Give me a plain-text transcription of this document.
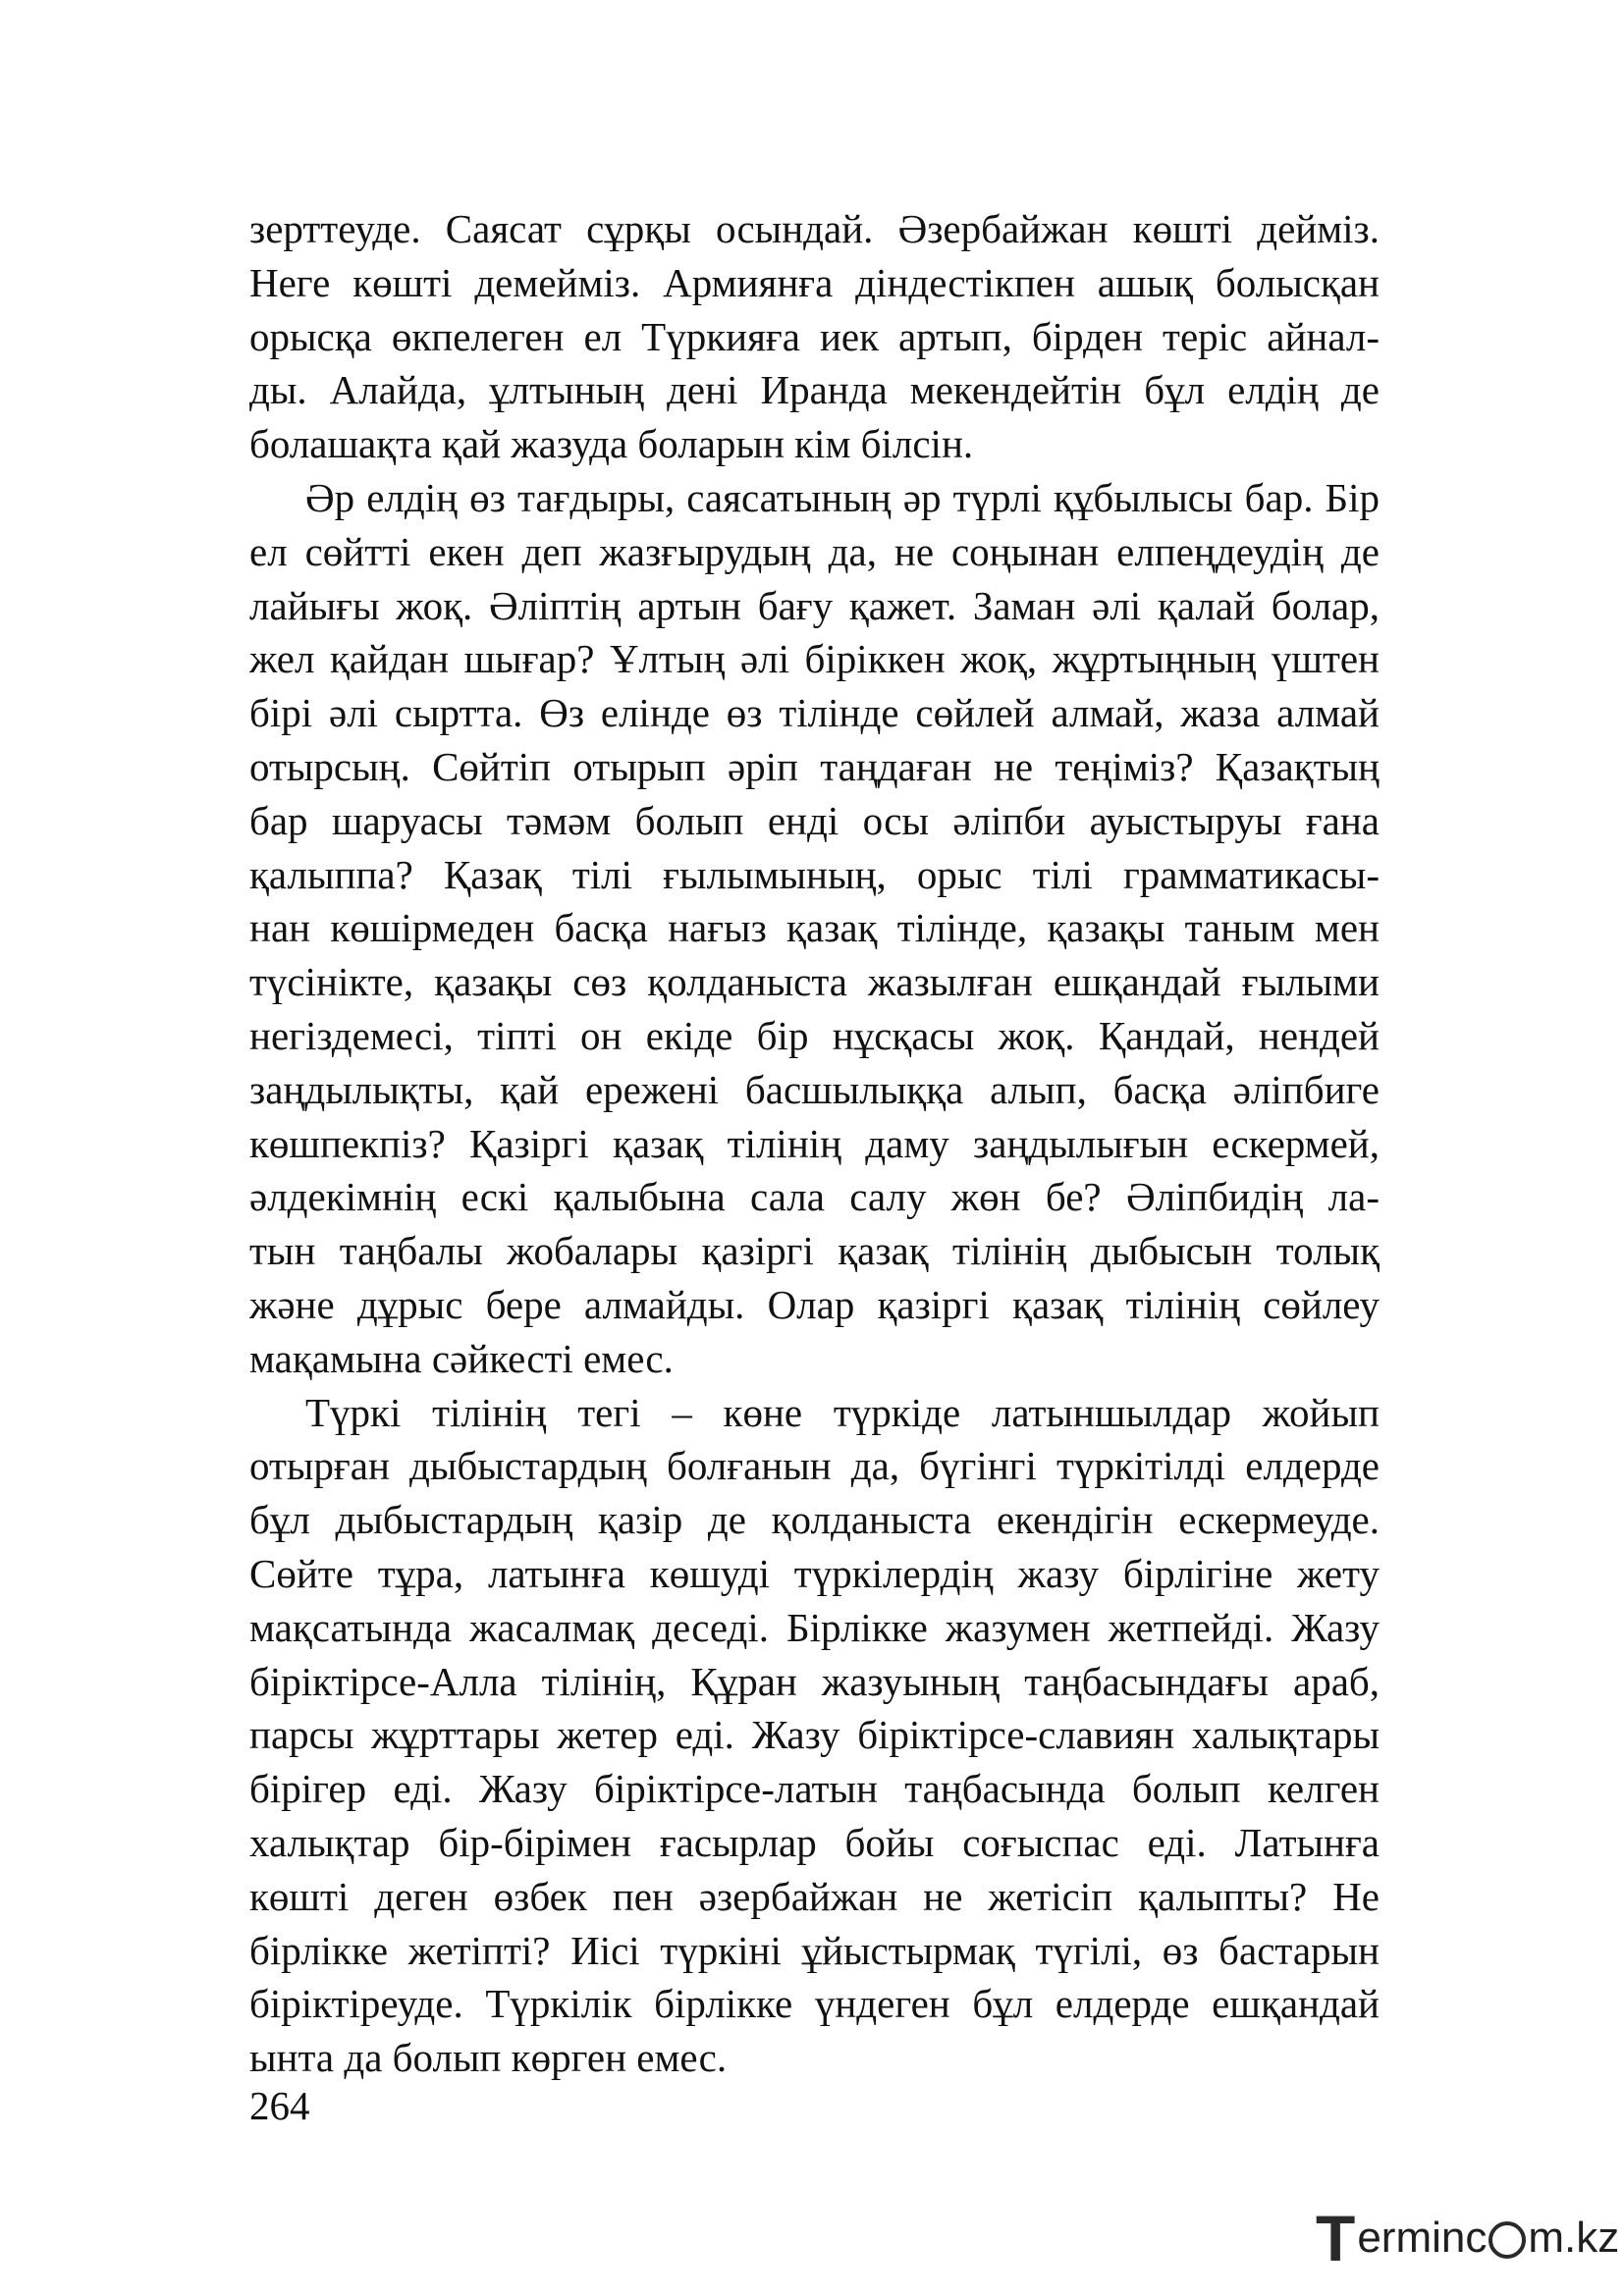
зерттеуде. Саясат сұрқы осындай. Әзербайжан көшті дейміз.
Неге көшті демейміз. Армиянға діндестікпен ашық болысқан
орысқа өкпелеген ел Түркияға иек артып, бірден теріс айнал-
ды. Алайда, ұлтының дені Иранда мекендейтін бұл елдің де
болашақта қай жазуда боларын кім білсін.
Әр елдің өз тағдыры, саясатының әр түрлі құбылысы бар. Бір
ел сөйтті екен деп жазғырудың да, не соңынан елпеңдеудің де
лайығы жоқ. Әліптің артын бағу қажет. Заман әлі қалай болар,
жел қайдан шығар? Ұлтың әлі біріккен жоқ, жұртыңның үштен
бірі әлі сыртта. Өз елінде өз тілінде сөйлей алмай, жаза алмай
отырсың. Сөйтіп отырып әріп таңдаған не теңіміз? Қазақтың
бар шаруасы тәмәм болып енді осы әліпби ауыстыруы ғана
қалыппа? Қазақ тілі ғылымының, орыс тілі грамматикасы-
нан көшірмеден басқа нағыз қазақ тілінде, қазақы таным мен
түсінікте, қазақы сөз қолданыста жазылған ешқандай ғылыми
негіздемесі, тіпті он екіде бір нұсқасы жоқ. Қандай, нендей
заңдылықты, қай ережені басшылыққа алып, басқа әліпбиге
көшпекпіз? Қазіргі қазақ тілінің даму заңдылығын ескермей,
әлдекімнің ескі қалыбына сала салу жөн бе? Әліпбидің ла-
тын таңбалы жобалары қазіргі қазақ тілінің дыбысын толық
және дұрыс бере алмайды. Олар қазіргі қазақ тілінің сөйлеу
мақамына сәйкесті емес.
Түркі тілінің тегі – көне түркіде латыншылдар жойып
отырған дыбыстардың болғанын да, бүгінгі түркітілді елдерде
бұл дыбыстардың қазір де қолданыста екендігін ескермеуде.
Сөйте тұра, латынға көшуді түркілердің жазу бірлігіне жету
мақсатында жасалмақ деседі. Бірлікке жазумен жетпейді. Жазу
біріктірсе-Алла тілінің, Құран жазуының таңбасындағы араб,
парсы жұрттары жетер еді. Жазу біріктірсе-славиян халықтары
бірігер еді. Жазу біріктірсе-латын таңбасында болып келген
халықтар бір-бірімен ғасырлар бойы соғыспас еді. Латынға
көшті деген өзбек пен әзербайжан не жетісіп қалыпты? Не
бірлікке жетіпті? Иісі түркіні ұйыстырмақ түгілі, өз бастарын
біріктіреуде. Түркілік бірлікке үндеген бұл елдерде ешқандай
ынта да болып көрген емес.
264
T erminc m.kz
